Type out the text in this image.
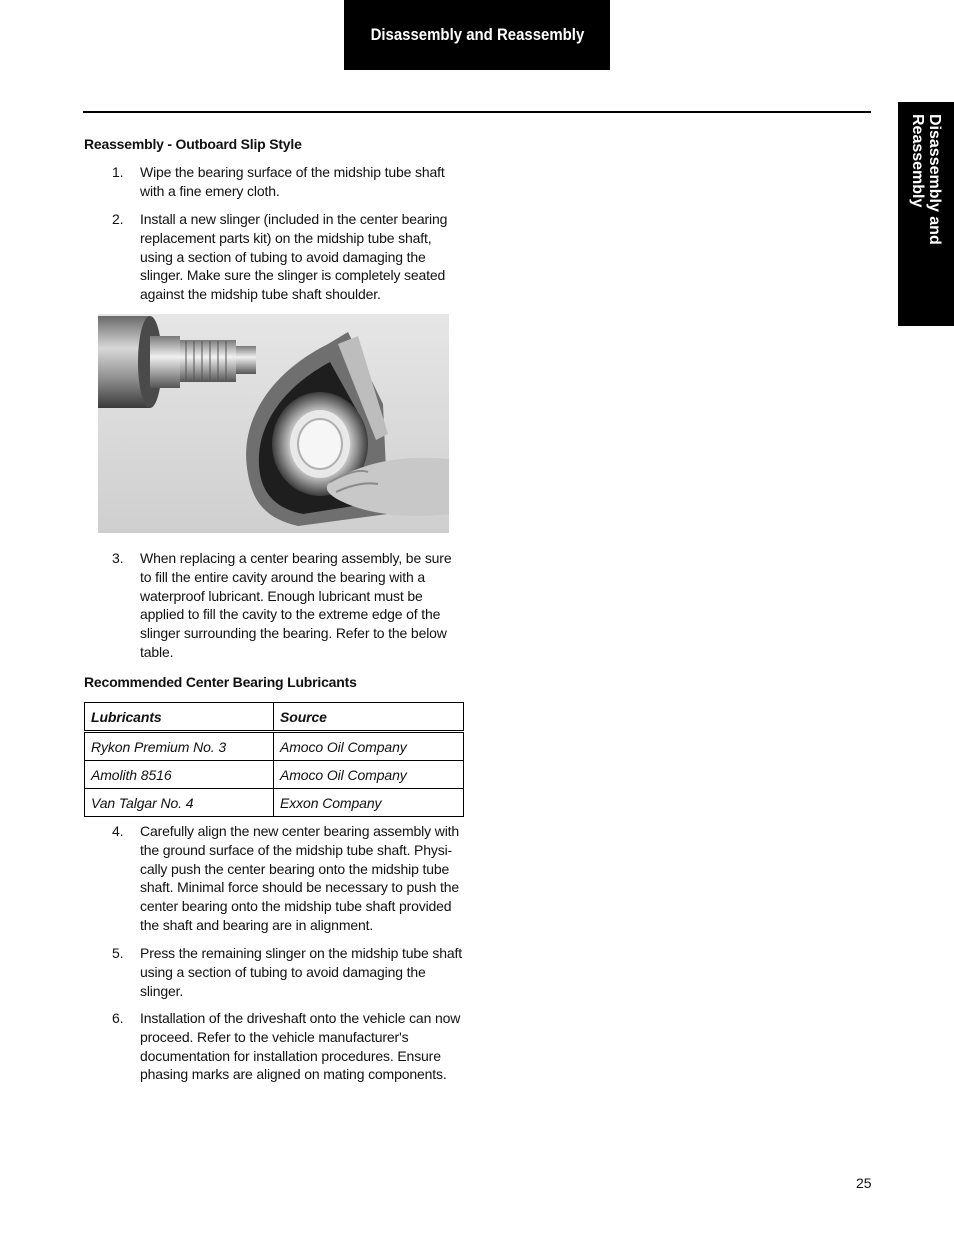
Disassembly and Reassembly
Disassembly and
Reassembly
Reassembly - Outboard Slip Style
1.	Wipe the bearing surface of the midship tube shaft with a fine emery cloth.
2.	Install a new slinger (included in the center bearing replacement parts kit) on the midship tube shaft, using a section of tubing to avoid damaging the slinger. Make sure the slinger is completely seated against the midship tube shaft shoulder.
3.	When replacing a center bearing assembly, be sure to fill the entire cavity around the bearing with a waterproof lubricant. Enough lubricant must be applied to fill the cavity to the extreme edge of the slinger surrounding the bearing. Refer to the below table.
Recommended Center Bearing Lubricants
Lubricants	Source
Rykon Premium No. 3	Amoco Oil Company
Amolith 8516	Amoco Oil Company
Van Talgar No. 4	Exxon Company
4.	Carefully align the new center bearing assembly with the ground surface of the midship tube shaft. Physi-cally push the center bearing onto the midship tube shaft. Minimal force should be necessary to push the center bearing onto the midship tube shaft provided the shaft and bearing are in alignment.
5.	Press the remaining slinger on the midship tube shaft using a section of tubing to avoid damaging the slinger.
6.	Installation of the driveshaft onto the vehicle can now proceed. Refer to the vehicle manufacturer's documentation for installation procedures. Ensure phasing marks are aligned on mating components.
25
